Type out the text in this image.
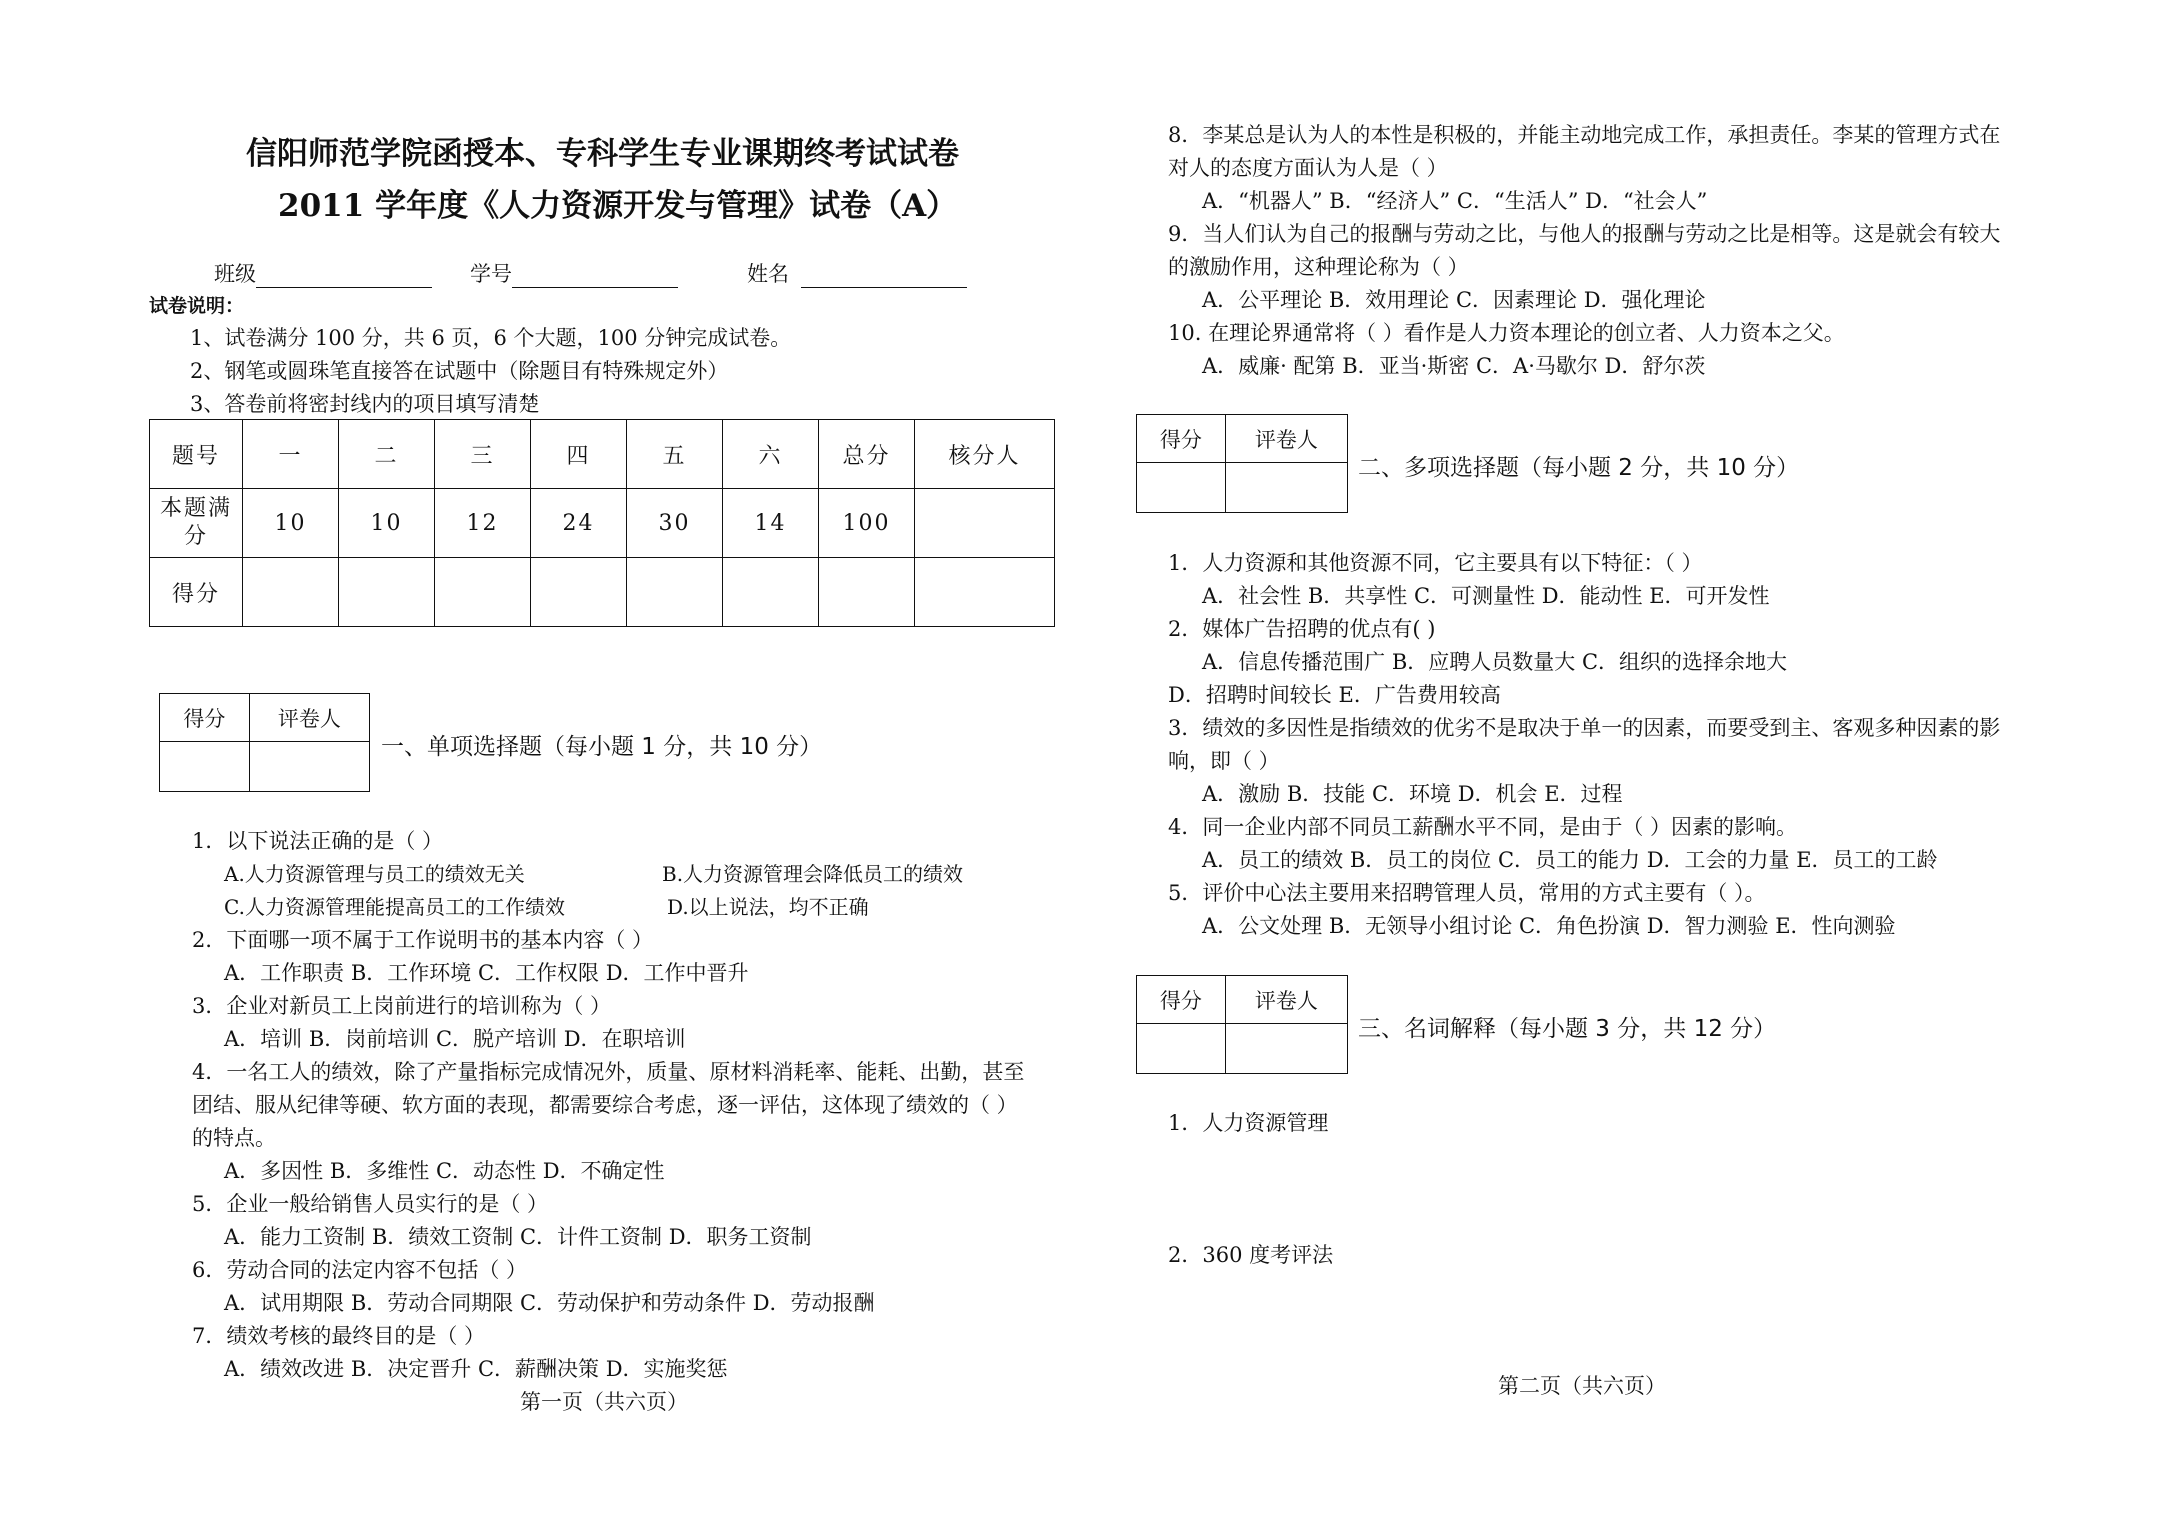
信阳师范学院函授本、专科学生专业课期终考试试卷
2011 学年度《人力资源开发与管理》试卷（A）
班级	学号	姓名
试卷说明：
1、试卷满分 100 分，共 6 页，6 个大题，100 分钟完成试卷。
2、钢笔或圆珠笔直接答在试题中（除题目有特殊规定外）
3、答卷前将密封线内的项目填写清楚
题号	一	二	三	四	五	六	总分	核分人
本题满分	10	10	12	24	30	14	100	
得分								
得分	评卷人

一、单项选择题（每小题 1 分，共 10 分）
1．以下说法正确的是（ ）
A.人力资源管理与员工的绩效无关	B.人力资源管理会降低员工的绩效
C.人力资源管理能提高员工的工作绩效	D.以上说法，均不正确
2．下面哪一项不属于工作说明书的基本内容（ ）
A．工作职责 B．工作环境 C．工作权限 D．工作中晋升
3．企业对新员工上岗前进行的培训称为（ ）
A．培训 B．岗前培训 C．脱产培训 D．在职培训
4．一名工人的绩效，除了产量指标完成情况外，质量、原材料消耗率、能耗、出勤，甚至
团结、服从纪律等硬、软方面的表现，都需要综合考虑，逐一评估，这体现了绩效的（ ）
的特点。
A．多因性 B．多维性 C．动态性 D．不确定性
5．企业一般给销售人员实行的是（ ）
A．能力工资制 B．绩效工资制 C．计件工资制 D．职务工资制
6．劳动合同的法定内容不包括（ ）
A．试用期限 B．劳动合同期限 C．劳动保护和劳动条件 D．劳动报酬
7．绩效考核的最终目的是（ ）
A．绩效改进 B．决定晋升 C．薪酬决策 D．实施奖惩
第一页（共六页）
8．李某总是认为人的本性是积极的，并能主动地完成工作，承担责任。李某的管理方式在
对人的态度方面认为人是（ ）
A．“机器人” B．“经济人” C．“生活人” D．“社会人”
9．当人们认为自己的报酬与劳动之比，与他人的报酬与劳动之比是相等。这是就会有较大
的激励作用，这种理论称为（ ）
A．公平理论 B．效用理论 C．因素理论 D．强化理论
10. 在理论界通常将（ ）看作是人力资本理论的创立者、人力资本之父。
A．威廉· 配第 B．亚当·斯密 C．A·马歇尔 D．舒尔茨
得分	评卷人

二、多项选择题（每小题 2 分，共 10 分）
1．人力资源和其他资源不同，它主要具有以下特征：（ ）
A．社会性 B．共享性 C．可测量性 D．能动性 E．可开发性
2．媒体广告招聘的优点有( )
A．信息传播范围广 B．应聘人员数量大 C．组织的选择余地大
D．招聘时间较长 E．广告费用较高
3．绩效的多因性是指绩效的优劣不是取决于单一的因素，而要受到主、客观多种因素的影
响，即（ ）
A．激励 B．技能 C．环境 D．机会 E．过程
4．同一企业内部不同员工薪酬水平不同，是由于（ ）因素的影响。
A．员工的绩效 B．员工的岗位 C．员工的能力 D．工会的力量 E．员工的工龄
5．评价中心法主要用来招聘管理人员，常用的方式主要有（ ）。
A．公文处理 B．无领导小组讨论 C．角色扮演 D．智力测验 E．性向测验
得分	评卷人

三、名词解释（每小题 3 分，共 12 分）
1．人力资源管理
2．360 度考评法
第二页（共六页）
